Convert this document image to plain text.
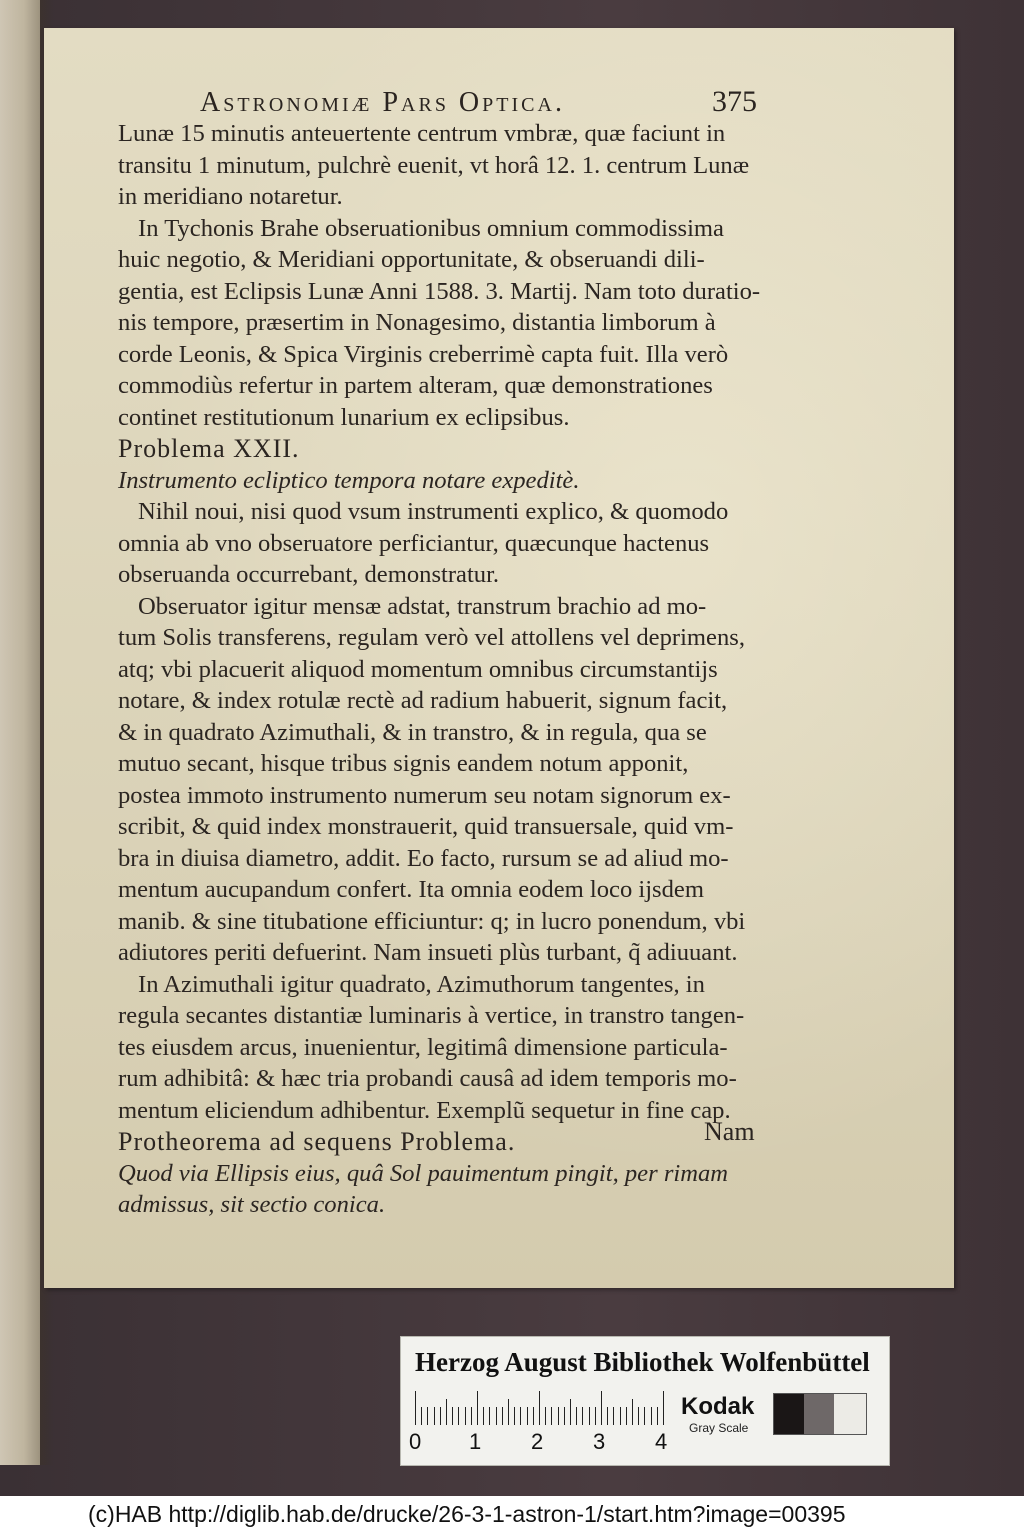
Astronomiæ Pars Optica.	375

Lunæ 15 minutis anteuertente centrum vmbræ, quæ faciunt in
transitu 1 minutum, pulchrè euenit, vt horâ 12. 1. centrum Lunæ
in meridiano notaretur.

In Tychonis Brahe obseruationibus omnium commodissima
huic negotio, & Meridiani opportunitate, & obseruandi dili-
gentia, est Eclipsis Lunæ Anni 1588. 3. Martij. Nam toto duratio-
nis tempore, præsertim in Nonagesimo, distantia limborum à
corde Leonis, & Spica Virginis creberrimè capta fuit. Illa verò
commodiùs refertur in partem alteram, quæ demonstrationes
continet restitutionum lunarium ex eclipsibus.

Problema XXII.

Instrumento ecliptico tempora notare expeditè.

Nihil noui, nisi quod vsum instrumenti explico, & quomodo
omnia ab vno obseruatore perficiantur, quæcunque hactenus
obseruanda occurrebant, demonstratur.

Obseruator igitur mensæ adstat, transtrum brachio ad mo-
tum Solis transferens, regulam verò vel attollens vel deprimens,
atq; vbi placuerit aliquod momentum omnibus circumstantijs
notare, & index rotulæ rectè ad radium habuerit, signum facit,
& in quadrato Azimuthali, & in transtro, & in regula, qua se
mutuo secant, hisque tribus signis eandem notum apponit,
postea immoto instrumento numerum seu notam signorum ex-
scribit, & quid index monstrauerit, quid transuersale, quid vm-
bra in diuisa diametro, addit. Eo facto, rursum se ad aliud mo-
mentum aucupandum confert. Ita omnia eodem loco ijsdem
manib. & sine titubatione efficiuntur: q; in lucro ponendum, vbi
adiutores periti defuerint. Nam insueti plùs turbant, q̃ adiuuant.

In Azimuthali igitur quadrato, Azimuthorum tangentes, in
regula secantes distantiæ luminaris à vertice, in transtro tangen-
tes eiusdem arcus, inuenientur, legitimâ dimensione particula-
rum adhibitâ: & hæc tria probandi causâ ad idem temporis mo-
mentum eliciendum adhibentur. Exemplũ sequetur in fine cap.

Protheorema ad sequens Problema.

Quod via Ellipsis eius, quâ Sol pauimentum pingit, per rimam
admissus, sit sectio conica.

Nam
Herzog August Bibliothek Wolfenbüttel
0 1 2 3 4
Kodak
Gray Scale
(c)HAB http://diglib.hab.de/drucke/26-3-1-astron-1/start.htm?image=00395
